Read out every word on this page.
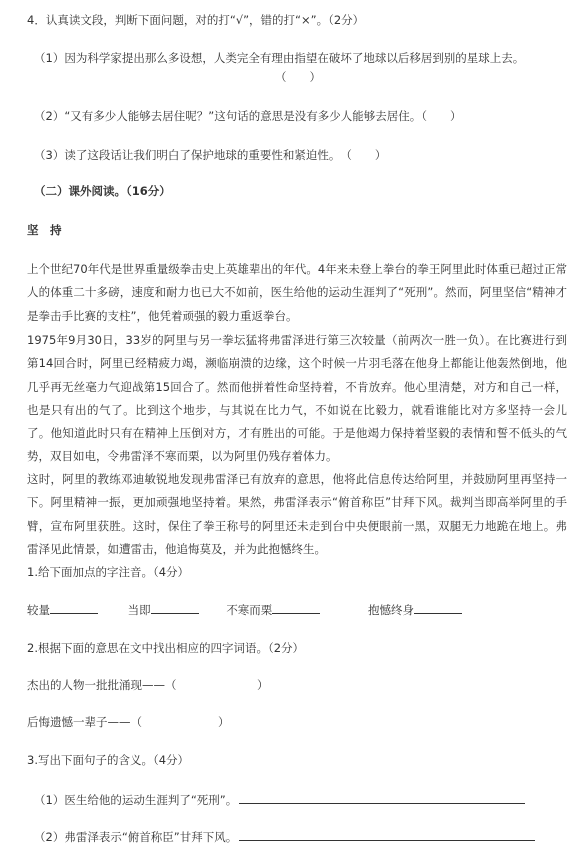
4．认真读文段，判断下面问题，对的打“√”，错的打“×”。（2分）
（1）因为科学家提出那么多设想，人类完全有理由指望在破坏了地球以后移居到别的星球上去。
（　　）
（2）“又有多少人能够去居住呢？”这句话的意思是没有多少人能够去居住。（　　）
（3）读了这段话让我们明白了保护地球的重要性和紧迫性。　（　　）
（二）课外阅读。（16分）
坚　持
上个世纪70年代是世界重量级拳击史上英雄辈出的年代。4年来未登上拳台的拳王阿里此时体重已超过正常人的体重二十多磅，速度和耐力也已大不如前，医生给他的运动生涯判了“死刑”。然而，阿里坚信“精神才是拳击手比赛的支柱”，他凭着顽强的毅力重返拳台。
1975年9月30日，33岁的阿里与另一拳坛猛将弗雷泽进行第三次较量（前两次一胜一负）。在比赛进行到第14回合时，阿里已经精疲力竭，濒临崩溃的边缘，这个时候一片羽毛落在他身上都能让他轰然倒地，他几乎再无丝毫力气迎战第15回合了。然而他拼着性命坚持着，不肯放弃。他心里清楚，对方和自己一样，也是只有出的气了。比到这个地步，与其说在比力气，不如说在比毅力，就看谁能比对方多坚持一会儿了。他知道此时只有在精神上压倒对方，才有胜出的可能。于是他竭力保持着坚毅的表情和誓不低头的气势，双目如电，令弗雷泽不寒而栗，以为阿里仍残存着体力。
这时，阿里的教练邓迪敏锐地发现弗雷泽已有放弃的意思，他将此信息传达给阿里，并鼓励阿里再坚持一下。阿里精神一振，更加顽强地坚持着。果然，弗雷泽表示“俯首称臣”甘拜下风。裁判当即高举阿里的手臂，宣布阿里获胜。这时，保住了拳王称号的阿里还未走到台中央便眼前一黑，双腿无力地跪在地上。弗雷泽见此情景，如遭雷击，他追悔莫及，并为此抱憾终生。
1.给下面加点的字注音。（4分）
较量	当即	不寒而栗	抱憾终身
2.根据下面的意思在文中找出相应的四字词语。（2分）
杰出的人物一批批涌现——（	）
后悔遗憾一辈子——（	）
3.写出下面句子的含义。（4分）
（1）医生给他的运动生涯判了“死刑”。
（2）弗雷泽表示“俯首称臣”甘拜下风。
